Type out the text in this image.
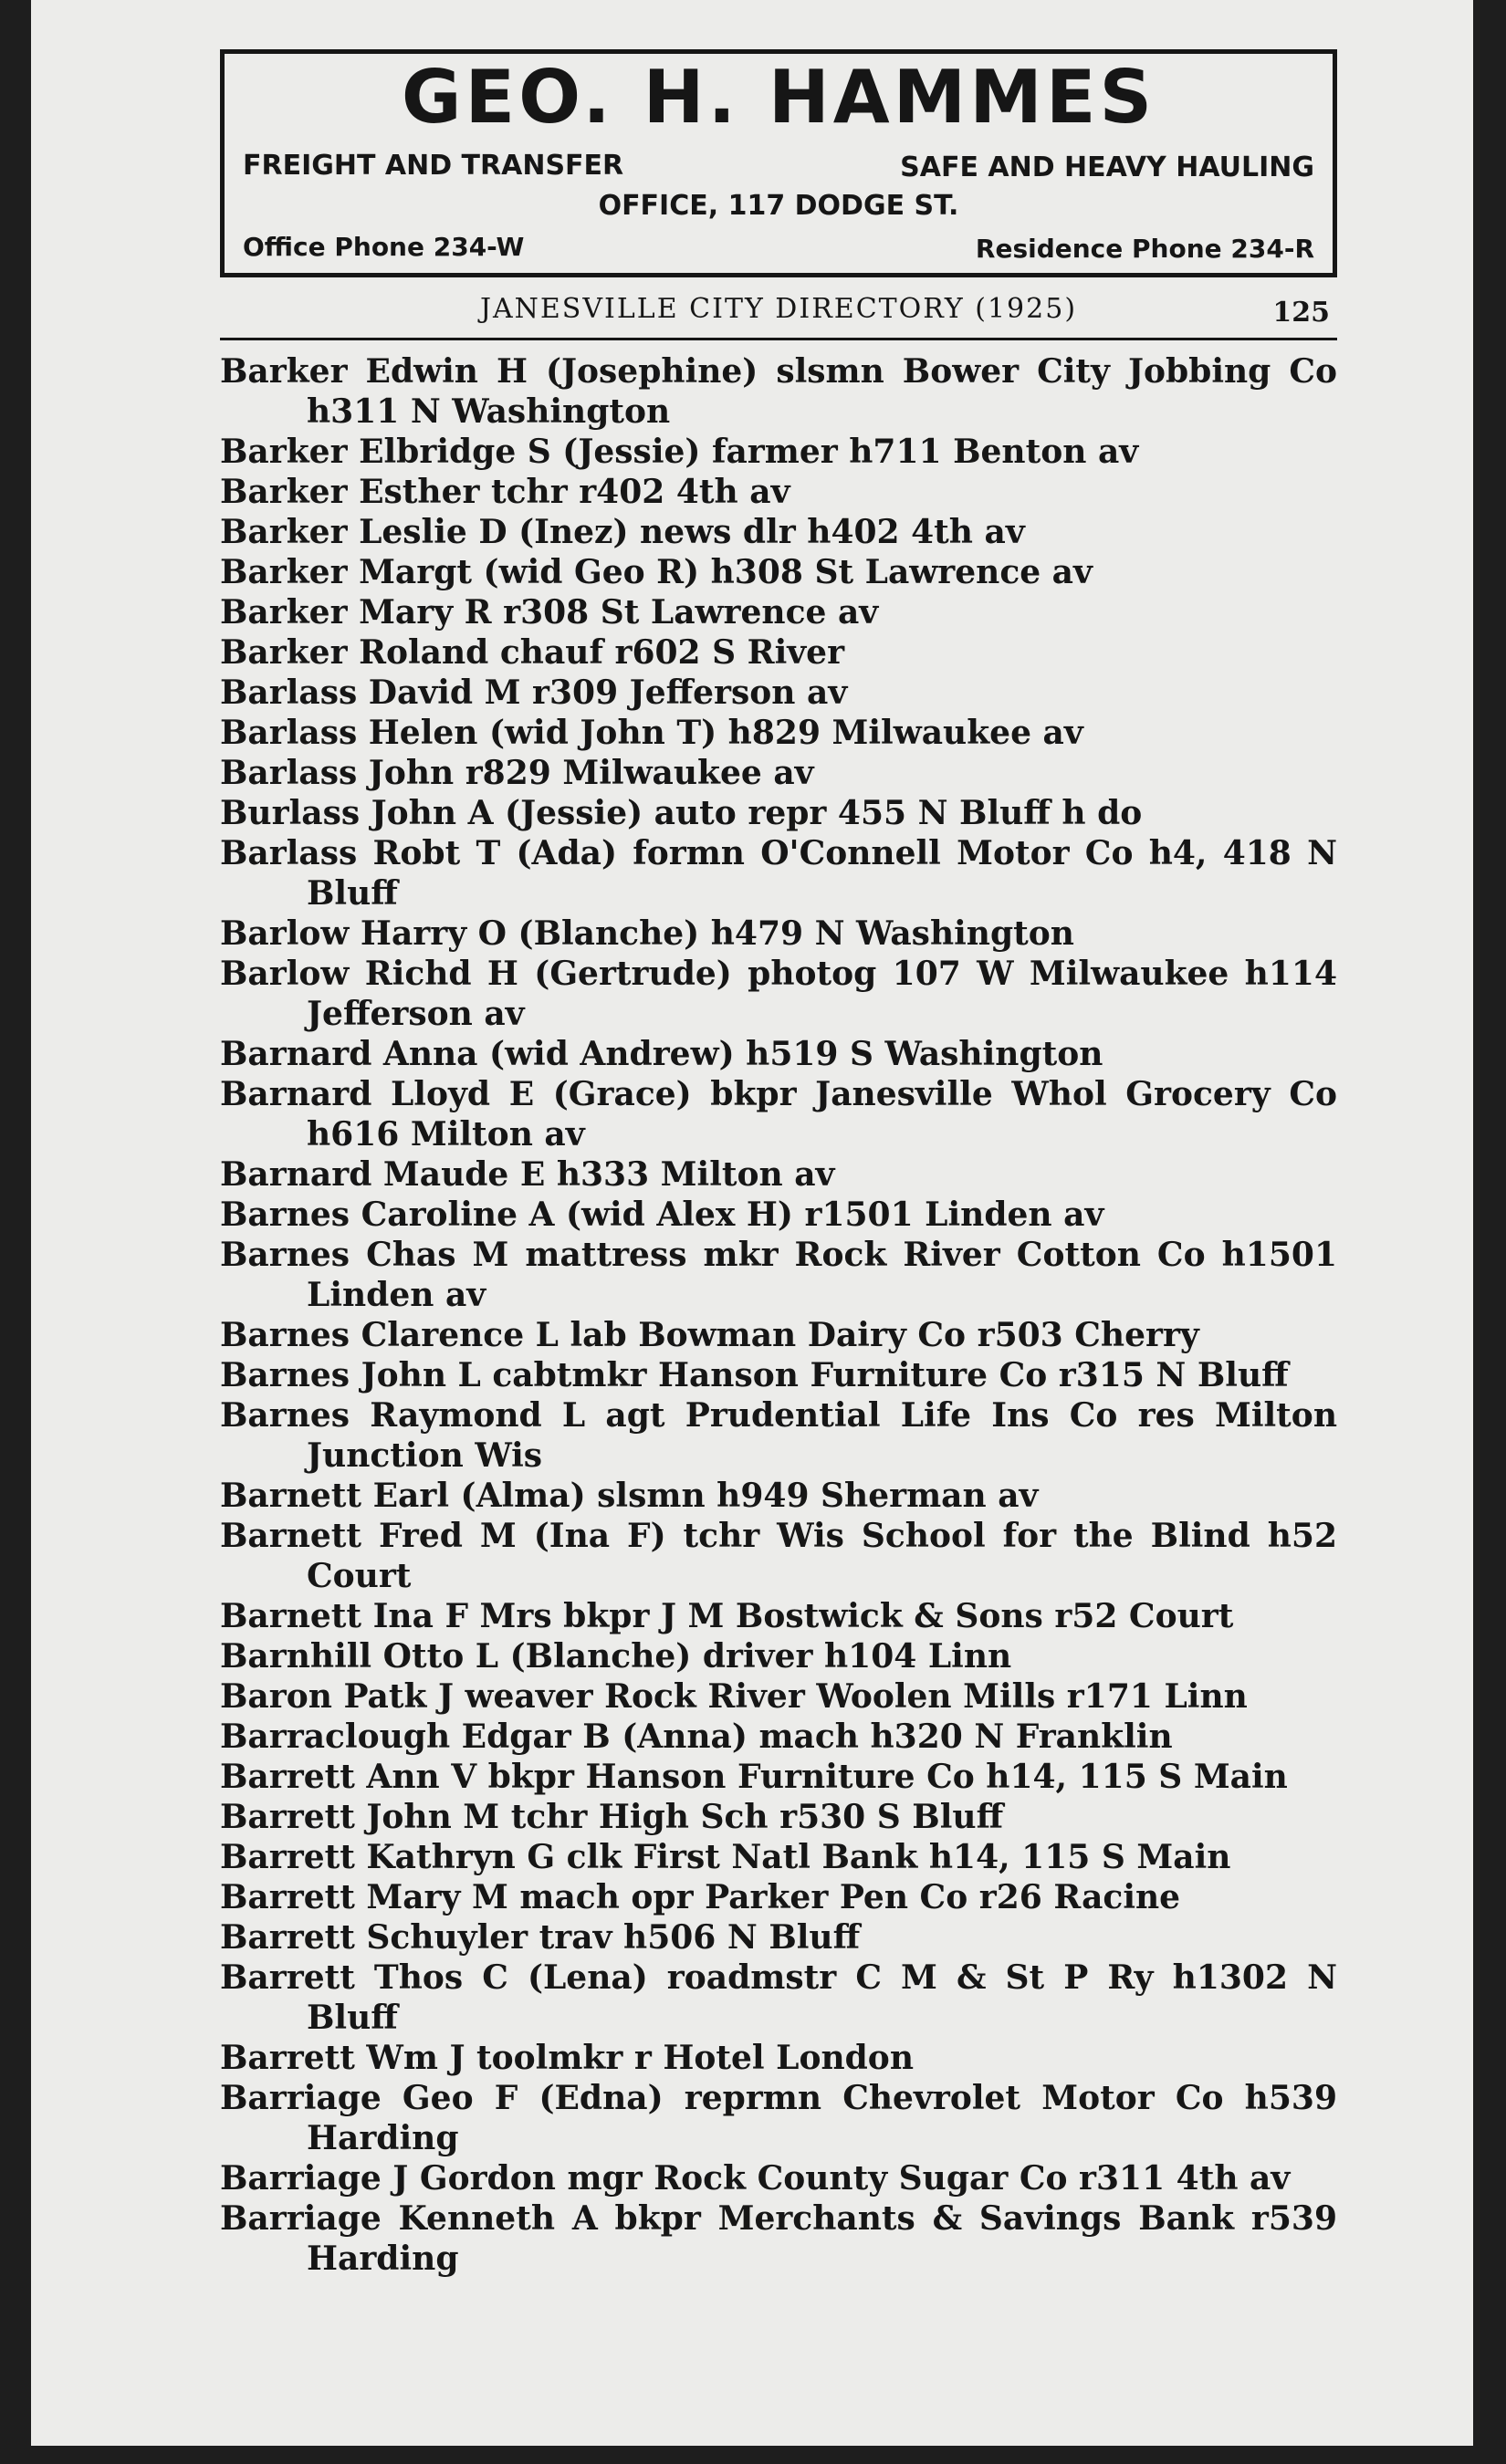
GEO. H. HAMMES
FREIGHT AND TRANSFER	SAFE AND HEAVY HAULING
OFFICE, 117 DODGE ST.
Office Phone 234-W	Residence Phone 234-R
JANESVILLE CITY DIRECTORY (1925)	125
Barker Edwin H (Josephine) slsmn Bower City Jobbing Co h311 N Washington
Barker Elbridge S (Jessie) farmer h711 Benton av
Barker Esther tchr r402 4th av
Barker Leslie D (Inez) news dlr h402 4th av
Barker Margt (wid Geo R) h308 St Lawrence av
Barker Mary R r308 St Lawrence av
Barker Roland chauf r602 S River
Barlass David M r309 Jefferson av
Barlass Helen (wid John T) h829 Milwaukee av
Barlass John r829 Milwaukee av
Burlass John A (Jessie) auto repr 455 N Bluff h do
Barlass Robt T (Ada) formn O'Connell Motor Co h4, 418 N Bluff
Barlow Harry O (Blanche) h479 N Washington
Barlow Richd H (Gertrude) photog 107 W Milwaukee h114 Jefferson av
Barnard Anna (wid Andrew) h519 S Washington
Barnard Lloyd E (Grace) bkpr Janesville Whol Grocery Co h616 Milton av
Barnard Maude E h333 Milton av
Barnes Caroline A (wid Alex H) r1501 Linden av
Barnes Chas M mattress mkr Rock River Cotton Co h1501 Linden av
Barnes Clarence L lab Bowman Dairy Co r503 Cherry
Barnes John L cabtmkr Hanson Furniture Co r315 N Bluff
Barnes Raymond L agt Prudential Life Ins Co res Milton Junction Wis
Barnett Earl (Alma) slsmn h949 Sherman av
Barnett Fred M (Ina F) tchr Wis School for the Blind h52 Court
Barnett Ina F Mrs bkpr J M Bostwick & Sons r52 Court
Barnhill Otto L (Blanche) driver h104 Linn
Baron Patk J weaver Rock River Woolen Mills r171 Linn
Barraclough Edgar B (Anna) mach h320 N Franklin
Barrett Ann V bkpr Hanson Furniture Co h14, 115 S Main
Barrett John M tchr High Sch r530 S Bluff
Barrett Kathryn G clk First Natl Bank h14, 115 S Main
Barrett Mary M mach opr Parker Pen Co r26 Racine
Barrett Schuyler trav h506 N Bluff
Barrett Thos C (Lena) roadmstr C M & St P Ry h1302 N Bluff
Barrett Wm J toolmkr r Hotel London
Barriage Geo F (Edna) reprmn Chevrolet Motor Co h539 Harding
Barriage J Gordon mgr Rock County Sugar Co r311 4th av
Barriage Kenneth A bkpr Merchants & Savings Bank r539 Harding
